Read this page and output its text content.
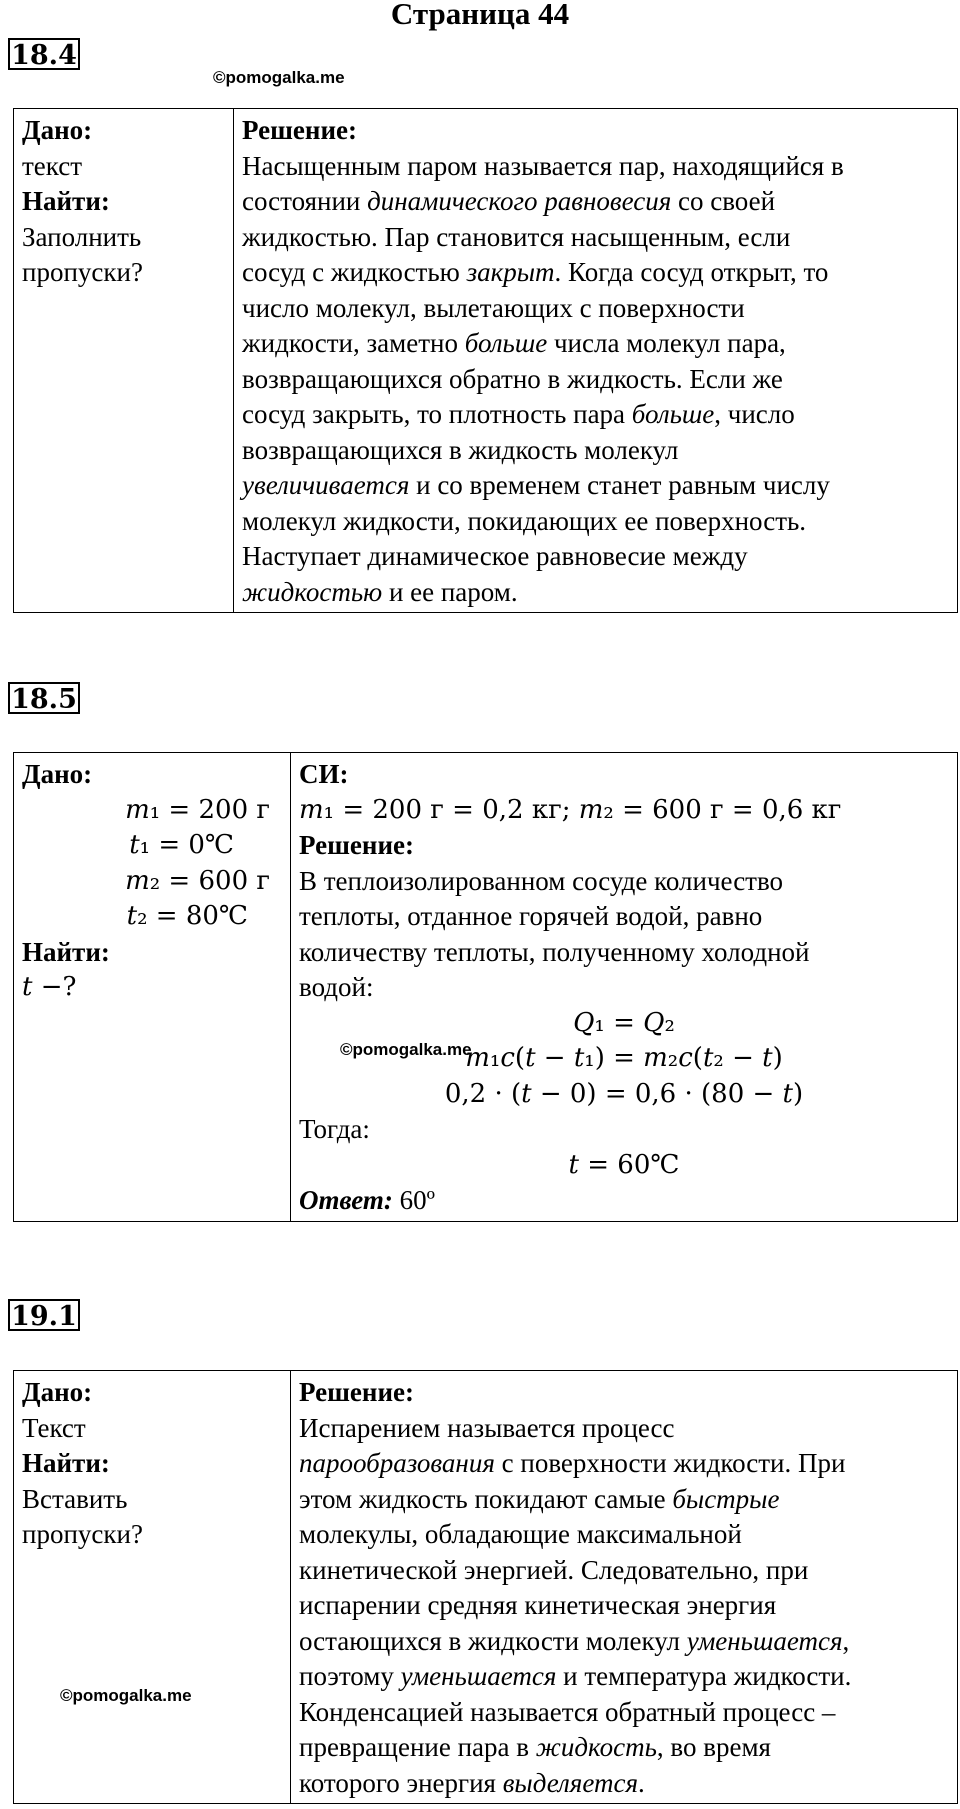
Страница 44
18.4
©pomogalka.me
Дано:
текст
Найти:
Заполнить
пропуски?

Решение:
Насыщенным паром называется пар, находящийся в
состоянии динамического равновесия со своей
жидкостью. Пар становится насыщенным, если
сосуд с жидкостью закрыт. Когда сосуд открыт, то
число молекул, вылетающих с поверхности
жидкости, заметно больше числа молекул пара,
возвращающихся обратно в жидкость. Если же
сосуд закрыть, то плотность пара больше, число
возвращающихся в жидкость молекул
увеличивается и со временем станет равным числу
молекул жидкости, покидающих ее поверхность.
Наступает динамическое равновесие между
жидкостью и ее паром.
18.5
Дано:
𝑚₁ = 200 г
𝑡₁ = 0℃
𝑚₂ = 600 г
𝑡₂ = 80℃
Найти:
𝑡 −?

СИ:
𝑚₁ = 200 г = 0,2 кг; 𝑚₂ = 600 г = 0,6 кг
Решение:
В теплоизолированном сосуде количество
теплоты, отданное горячей водой, равно
количеству теплоты, полученному холодной
водой:
𝑄₁ = 𝑄₂
𝑚₁𝑐(𝑡 − 𝑡₁) = 𝑚₂𝑐(𝑡₂ − 𝑡)
0,2 · (𝑡 − 0) = 0,6 · (80 − 𝑡)
Тогда:
𝑡 = 60℃
Ответ: 60º
©pomogalka.me
19.1
Дано:
Текст
Найти:
Вставить
пропуски?

Решение:
Испарением называется процесс
парообразования с поверхности жидкости. При
этом жидкость покидают самые быстрые
молекулы, обладающие максимальной
кинетической энергией. Следовательно, при
испарении средняя кинетическая энергия
остающихся в жидкости молекул уменьшается,
поэтому уменьшается и температура жидкости.
Конденсацией называется обратный процесс –
превращение пара в жидкость, во время
которого энергия выделяется.
©pomogalka.me
